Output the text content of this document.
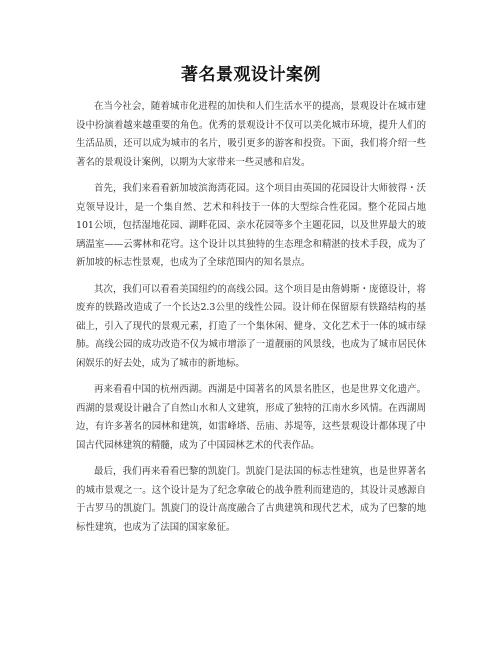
著名景观设计案例

在当今社会，随着城市化进程的加快和人们生活水平的提高，景观设计在城市建设中扮演着越来越重要的角色。优秀的景观设计不仅可以美化城市环境，提升人们的生活品质，还可以成为城市的名片，吸引更多的游客和投资。下面，我们将介绍一些著名的景观设计案例，以期为大家带来一些灵感和启发。

首先，我们来看看新加坡滨海湾花园。这个项目由英国的花园设计大师彼得・沃克领导设计，是一个集自然、艺术和科技于一体的大型综合性花园。整个花园占地101公顷，包括湿地花园、湖畔花园、亲水花园等多个主题花园，以及世界最大的玻璃温室——云雾林和花穹。这个设计以其独特的生态理念和精湛的技术手段，成为了新加坡的标志性景观，也成为了全球范围内的知名景点。

其次，我们可以看看美国纽约的高线公园。这个项目是由詹姆斯・庞德设计，将废弃的铁路改造成了一个长达2.3公里的线性公园。设计师在保留原有铁路结构的基础上，引入了现代的景观元素，打造了一个集休闲、健身、文化艺术于一体的城市绿肺。高线公园的成功改造不仅为城市增添了一道靓丽的风景线，也成为了城市居民休闲娱乐的好去处，成为了城市的新地标。

再来看看中国的杭州西湖。西湖是中国著名的风景名胜区，也是世界文化遗产。西湖的景观设计融合了自然山水和人文建筑，形成了独特的江南水乡风情。在西湖周边，有许多著名的园林和建筑，如雷峰塔、岳庙、苏堤等，这些景观设计都体现了中国古代园林建筑的精髓，成为了中国园林艺术的代表作品。

最后，我们再来看看巴黎的凯旋门。凯旋门是法国的标志性建筑，也是世界著名的城市景观之一。这个设计是为了纪念拿破仑的战争胜利而建造的，其设计灵感源自于古罗马的凯旋门。凯旋门的设计高度融合了古典建筑和现代艺术，成为了巴黎的地标性建筑，也成为了法国的国家象征。
